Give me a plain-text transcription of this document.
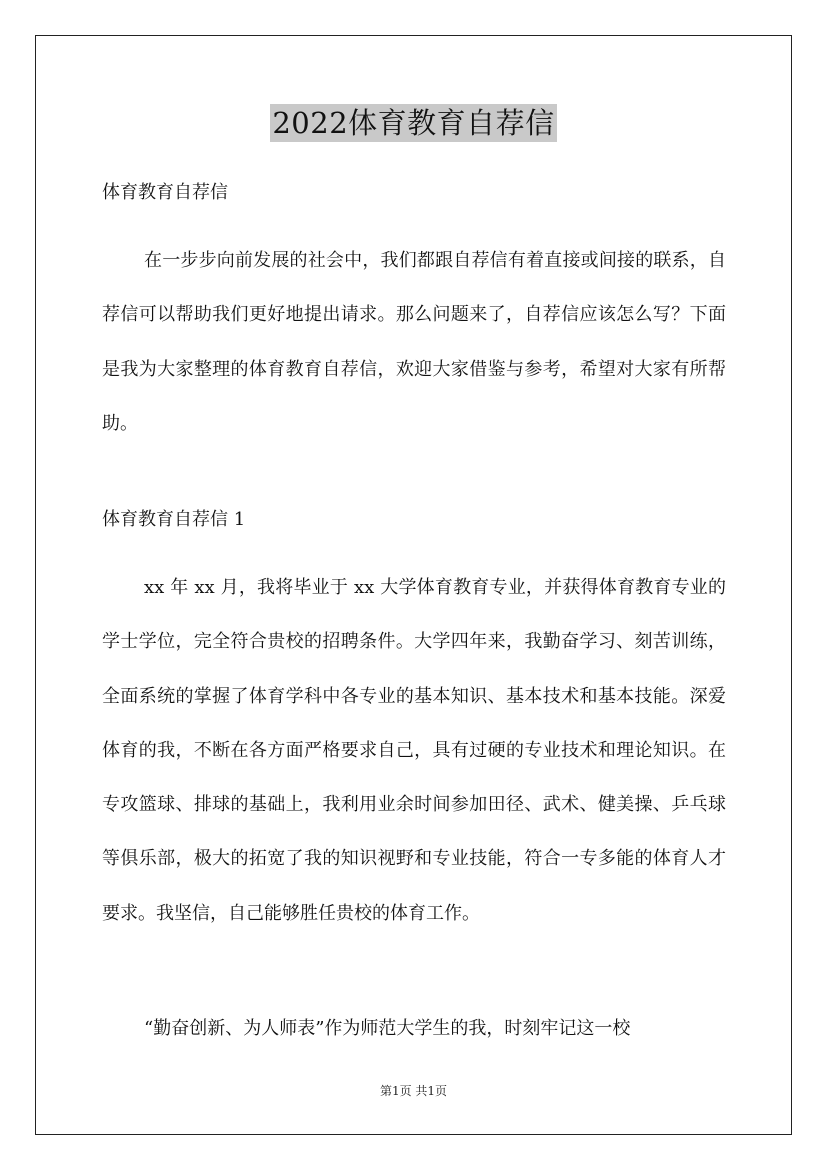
2022体育教育自荐信

体育教育自荐信

在一步步向前发展的社会中，我们都跟自荐信有着直接或间接的联系，自荐信可以帮助我们更好地提出请求。那么问题来了，自荐信应该怎么写？下面是我为大家整理的体育教育自荐信，欢迎大家借鉴与参考，希望对大家有所帮助。

体育教育自荐信 1

xx 年 xx 月，我将毕业于 xx 大学体育教育专业，并获得体育教育专业的学士学位，完全符合贵校的招聘条件。大学四年来，我勤奋学习、刻苦训练，全面系统的掌握了体育学科中各专业的基本知识、基本技术和基本技能。深爱体育的我，不断在各方面严格要求自己，具有过硬的专业技术和理论知识。在专攻篮球、排球的基础上，我利用业余时间参加田径、武术、健美操、乒乓球等俱乐部，极大的拓宽了我的知识视野和专业技能，符合一专多能的体育人才要求。我坚信，自己能够胜任贵校的体育工作。

“勤奋创新、为人师表”作为师范大学生的我，时刻牢记这一校

第1页 共1页
